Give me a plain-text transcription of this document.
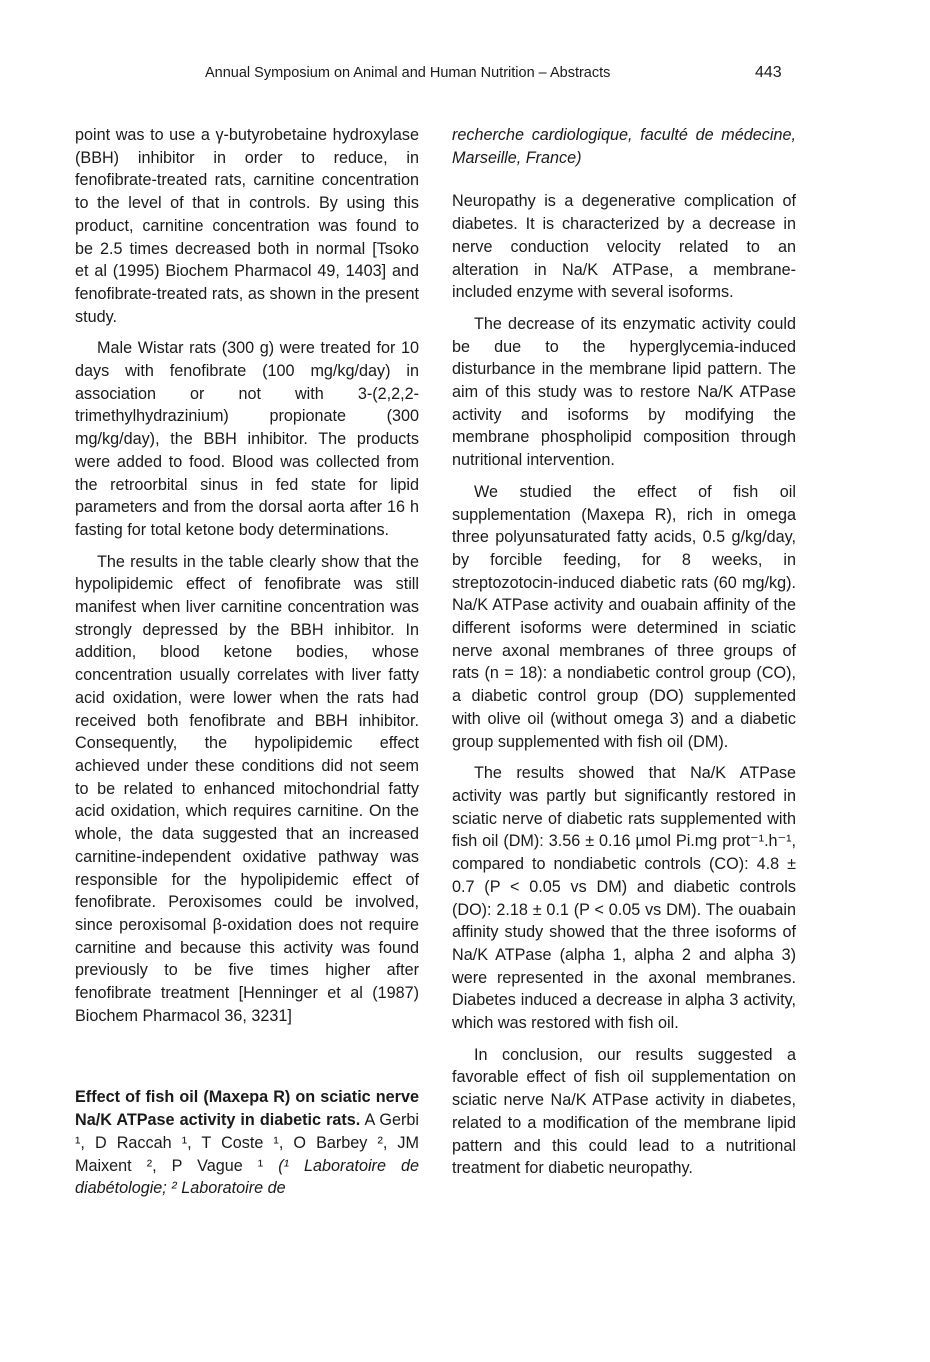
Annual Symposium on Animal and Human Nutrition – Abstracts	443

point was to use a γ-butyrobetaine hydroxylase (BBH) inhibitor in order to reduce, in fenofibrate-treated rats, carnitine concentration to the level of that in controls. By using this product, carnitine concentration was found to be 2.5 times decreased both in normal [Tsoko et al (1995) Biochem Pharmacol 49, 1403] and fenofibrate-treated rats, as shown in the present study.

Male Wistar rats (300 g) were treated for 10 days with fenofibrate (100 mg/kg/day) in association or not with 3-(2,2,2-trimethylhydrazinium) propionate (300 mg/kg/day), the BBH inhibitor. The products were added to food. Blood was collected from the retroorbital sinus in fed state for lipid parameters and from the dorsal aorta after 16 h fasting for total ketone body determinations.

The results in the table clearly show that the hypolipidemic effect of fenofibrate was still manifest when liver carnitine concentration was strongly depressed by the BBH inhibitor. In addition, blood ketone bodies, whose concentration usually correlates with liver fatty acid oxidation, were lower when the rats had received both fenofibrate and BBH inhibitor. Consequently, the hypolipidemic effect achieved under these conditions did not seem to be related to enhanced mitochondrial fatty acid oxidation, which requires carnitine. On the whole, the data suggested that an increased carnitine-independent oxidative pathway was responsible for the hypolipidemic effect of fenofibrate. Peroxisomes could be involved, since peroxisomal β-oxidation does not require carnitine and because this activity was found previously to be five times higher after fenofibrate treatment [Henninger et al (1987) Biochem Pharmacol 36, 3231]

Effect of fish oil (Maxepa R) on sciatic nerve Na/K ATPase activity in diabetic rats. A Gerbi ¹, D Raccah ¹, T Coste ¹, O Barbey ², JM Maixent ², P Vague ¹ (¹ Laboratoire de diabétologie; ² Laboratoire de

recherche cardiologique, faculté de médecine, Marseille, France)

Neuropathy is a degenerative complication of diabetes. It is characterized by a decrease in nerve conduction velocity related to an alteration in Na/K ATPase, a membrane-included enzyme with several isoforms.

The decrease of its enzymatic activity could be due to the hyperglycemia-induced disturbance in the membrane lipid pattern. The aim of this study was to restore Na/K ATPase activity and isoforms by modifying the membrane phospholipid composition through nutritional intervention.

We studied the effect of fish oil supplementation (Maxepa R), rich in omega three polyunsaturated fatty acids, 0.5 g/kg/day, by forcible feeding, for 8 weeks, in streptozotocin-induced diabetic rats (60 mg/kg). Na/K ATPase activity and ouabain affinity of the different isoforms were determined in sciatic nerve axonal membranes of three groups of rats (n = 18): a nondiabetic control group (CO), a diabetic control group (DO) supplemented with olive oil (without omega 3) and a diabetic group supplemented with fish oil (DM).

The results showed that Na/K ATPase activity was partly but significantly restored in sciatic nerve of diabetic rats supplemented with fish oil (DM): 3.56 ± 0.16 µmol Pi.mg prot⁻¹.h⁻¹, compared to nondiabetic controls (CO): 4.8 ± 0.7 (P < 0.05 vs DM) and diabetic controls (DO): 2.18 ± 0.1 (P < 0.05 vs DM). The ouabain affinity study showed that the three isoforms of Na/K ATPase (alpha 1, alpha 2 and alpha 3) were represented in the axonal membranes. Diabetes induced a decrease in alpha 3 activity, which was restored with fish oil.

In conclusion, our results suggested a favorable effect of fish oil supplementation on sciatic nerve Na/K ATPase activity in diabetes, related to a modification of the membrane lipid pattern and this could lead to a nutritional treatment for diabetic neuropathy.
